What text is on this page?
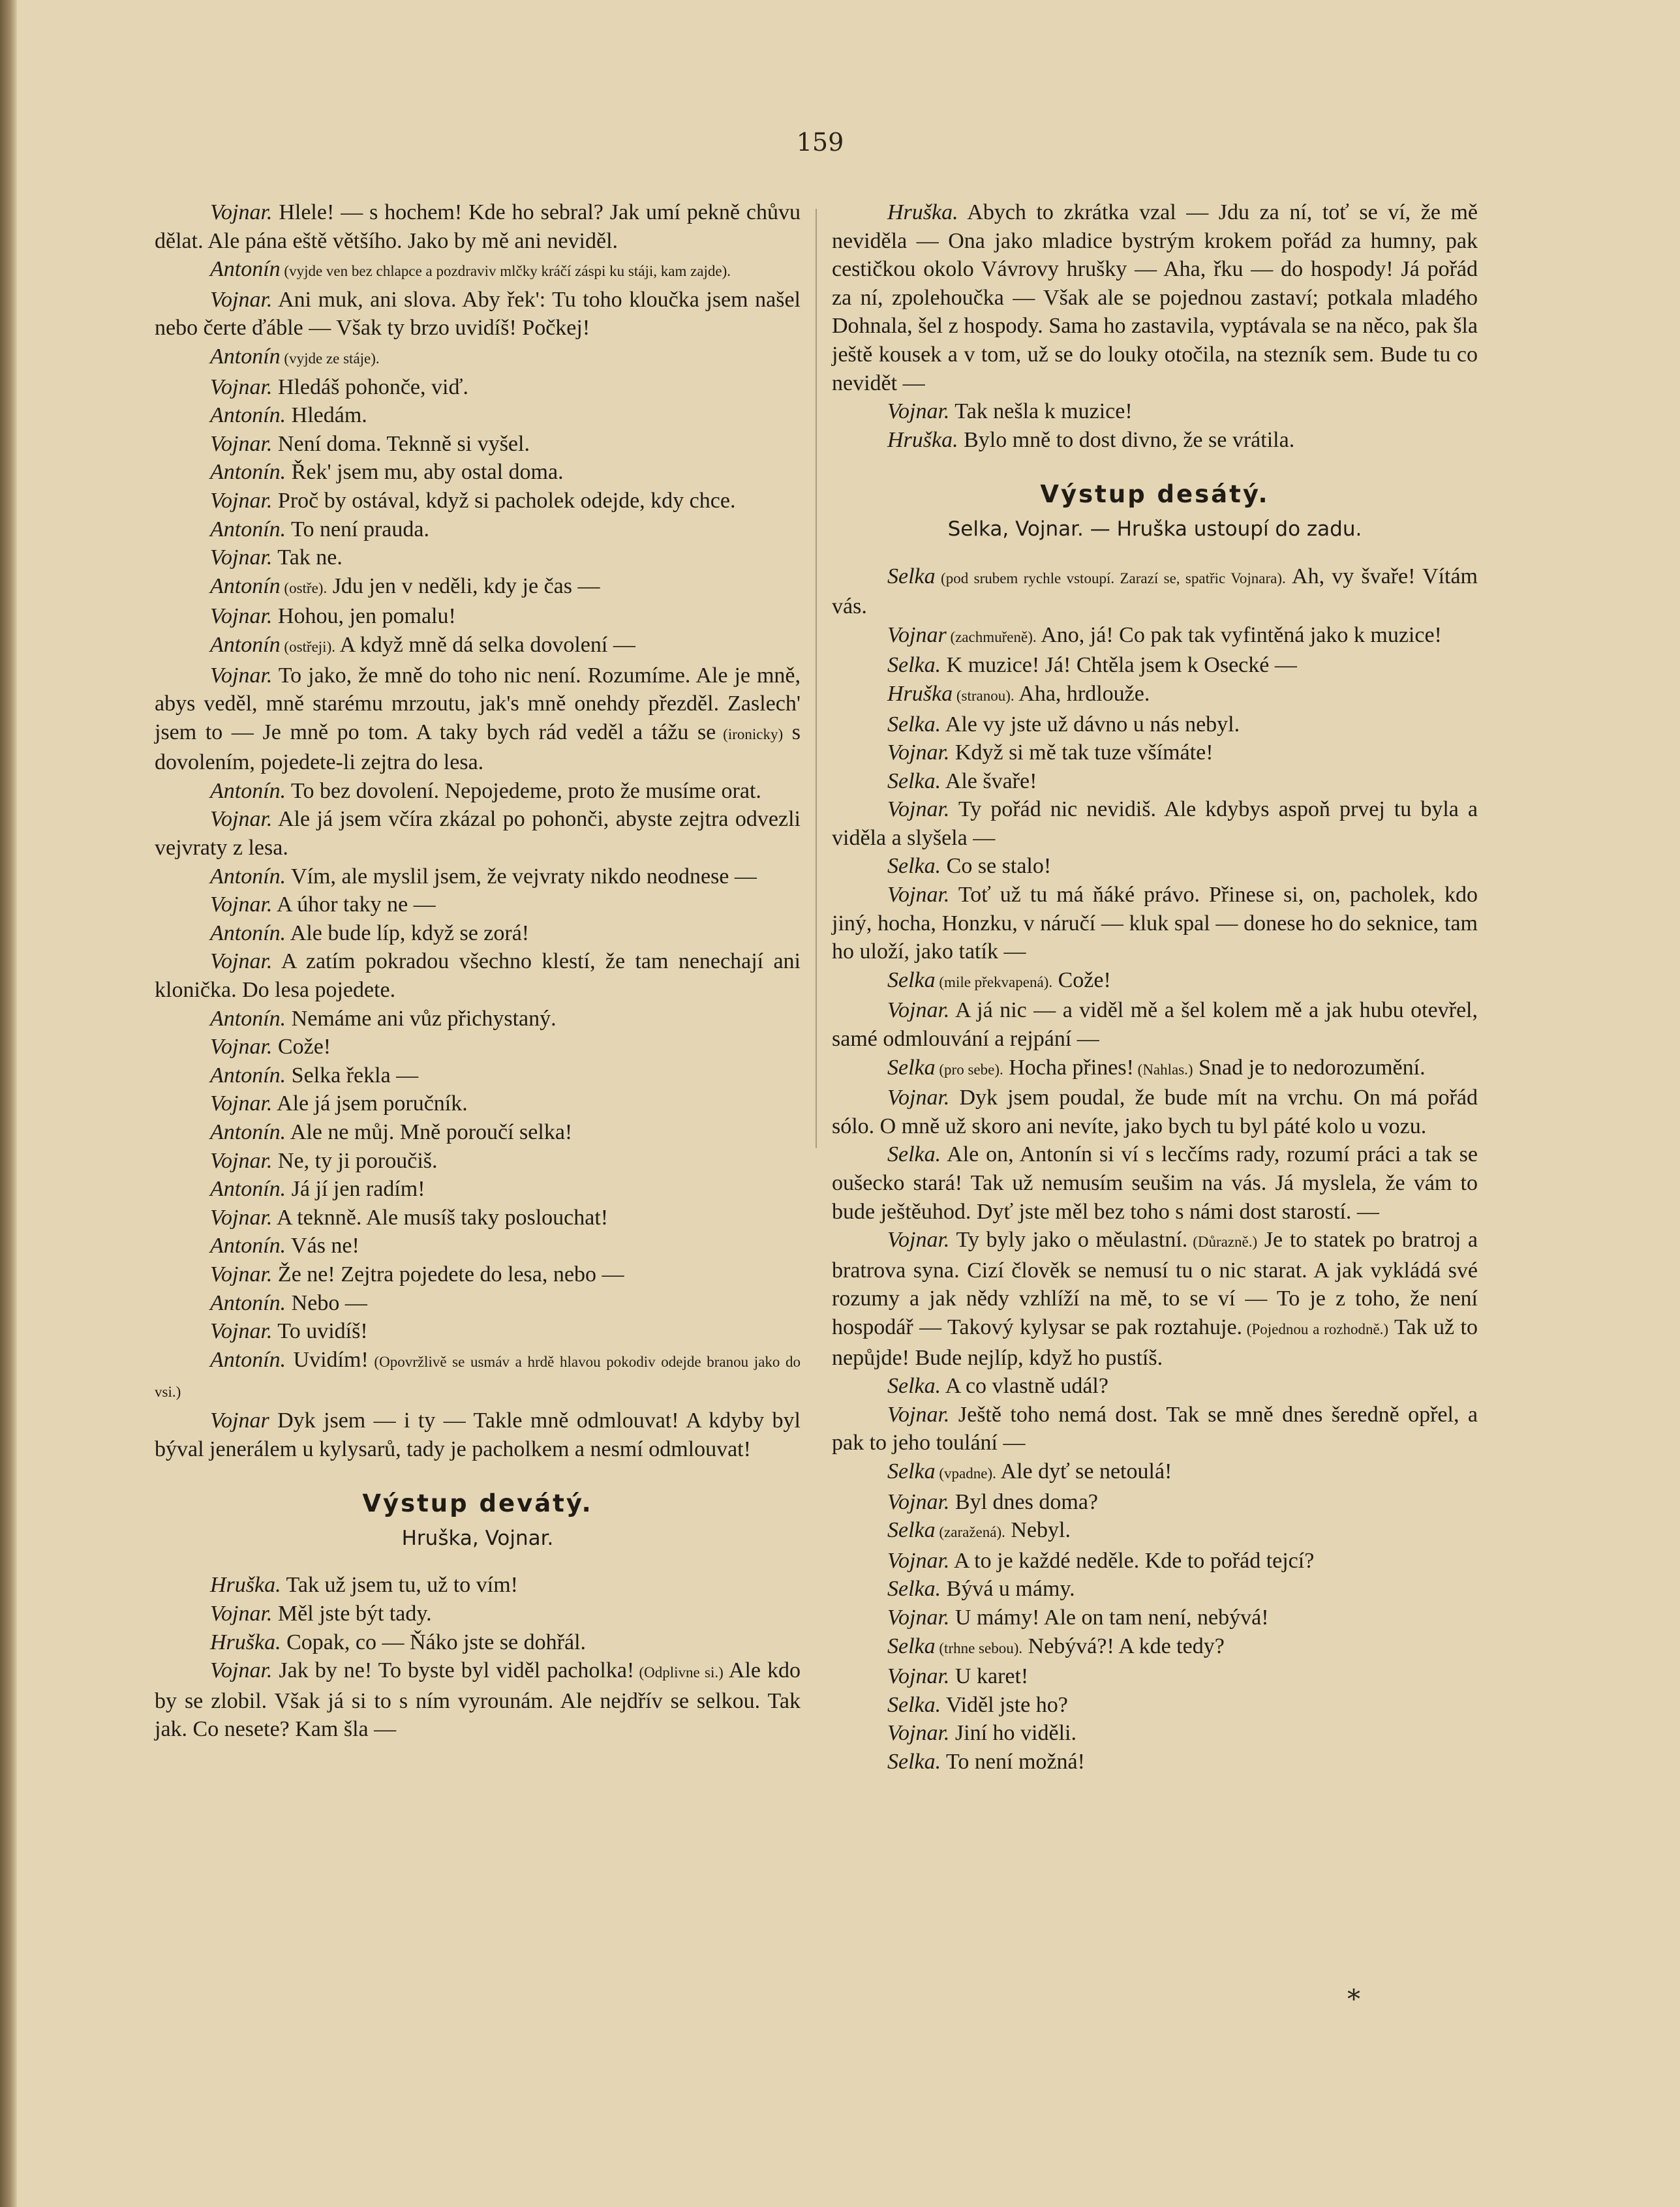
159

Vojnar. Hlele! — s hochem! Kde ho sebral? Jak umí pekně chůvu dělat. Ale pána eště většího. Jako by mě ani neviděl.

Antonín (vyjde ven bez chlapce a pozdraviv mlčky kráčí záspi ku stáji, kam zajde).

Vojnar. Ani muk, ani slova. Aby řek': Tu toho kloučka jsem našel nebo čerte ďáble — Však ty brzo uvidíš! Počkej!

Antonín (vyjde ze stáje).

Vojnar. Hledáš pohonče, viď.

Antonín. Hledám.

Vojnar. Není doma. Teknně si vyšel.

Antonín. Řek' jsem mu, aby ostal doma.

Vojnar. Proč by ostával, když si pacholek odejde, kdy chce.

Antonín. To není prauda.

Vojnar. Tak ne.

Antonín (ostře). Jdu jen v neděli, kdy je čas —

Vojnar. Hohou, jen pomalu!

Antonín (ostřeji). A když mně dá selka dovolení —

Vojnar. To jako, že mně do toho nic není. Rozumíme. Ale je mně, abys veděl, mně starému mrzoutu, jak's mně onehdy přezděl. Zaslech' jsem to — Je mně po tom. A taky bych rád veděl a tážu se (ironicky) s dovolením, pojedete-li zejtra do lesa.

Antonín. To bez dovolení. Nepojedeme, proto že musíme orat.

Vojnar. Ale já jsem včíra zkázal po pohonči, abyste zejtra odvezli vejvraty z lesa.

Antonín. Vím, ale myslil jsem, že vejvraty nikdo neodnese —

Vojnar. A úhor taky ne —

Antonín. Ale bude líp, když se zorá!

Vojnar. A zatím pokradou všechno klestí, že tam nenechají ani klonička. Do lesa pojedete.

Antonín. Nemáme ani vůz přichystaný.

Vojnar. Cože!

Antonín. Selka řekla —

Vojnar. Ale já jsem poručník.

Antonín. Ale ne můj. Mně poroučí selka!

Vojnar. Ne, ty ji poroučiš.

Antonín. Já jí jen radím!

Vojnar. A teknně. Ale musíš taky poslouchat!

Antonín. Vás ne!

Vojnar. Že ne! Zejtra pojedete do lesa, nebo —

Antonín. Nebo —

Vojnar. To uvidíš!

Antonín. Uvidím! (Opovržlivě se usmáv a hrdě hlavou pokodiv odejde branou jako do vsi.)

Vojnar Dyk jsem — i ty — Takle mně odmlouvat! A kdyby byl býval jenerálem u kylysarů, tady je pacholkem a nesmí odmlouvat!

Výstup devátý.
Hruška, Vojnar.

Hruška. Tak už jsem tu, už to vím!

Vojnar. Měl jste být tady.

Hruška. Copak, co — Ňáko jste se dohřál.

Vojnar. Jak by ne! To byste byl viděl pacholka! (Odplivne si.) Ale kdo by se zlobil. Však já si to s ním vyrounám. Ale nejdřív se selkou. Tak jak. Co nesete? Kam šla —

Hruška. Abych to zkrátka vzal — Jdu za ní, toť se ví, že mě neviděla — Ona jako mladice bystrým krokem pořád za humny, pak cestičkou okolo Vávrovy hrušky — Aha, řku — do hospody! Já pořád za ní, zpolehoučka — Však ale se pojednou zastaví; potkala mladého Dohnala, šel z hospody. Sama ho zastavila, vyptávala se na něco, pak šla ještě kousek a v tom, už se do louky otočila, na stezník sem. Bude tu co nevidět —

Vojnar. Tak nešla k muzice!

Hruška. Bylo mně to dost divno, že se vrátila.

Výstup desátý.
Selka, Vojnar. — Hruška ustoupí do zadu.

Selka (pod srubem rychle vstoupí. Zarazí se, spatřic Vojnara). Ah, vy švaře! Vítám vás.

Vojnar (zachmuřeně). Ano, já! Co pak tak vyfintěná jako k muzice!

Selka. K muzice! Já! Chtěla jsem k Osecké —

Hruška (stranou). Aha, hrdlouže.

Selka. Ale vy jste už dávno u nás nebyl.

Vojnar. Když si mě tak tuze všímáte!

Selka. Ale švaře!

Vojnar. Ty pořád nic nevidiš. Ale kdybys aspoň prvej tu byla a viděla a slyšela —

Selka. Co se stalo!

Vojnar. Toť už tu má ňáké právo. Přinese si, on, pacholek, kdo jiný, hocha, Honzku, v náručí — kluk spal — donese ho do seknice, tam ho uloží, jako tatík —

Selka (mile překvapená). Cože!

Vojnar. A já nic — a viděl mě a šel kolem mě a jak hubu otevřel, samé odmlouvání a rejpání —

Selka (pro sebe). Hocha přines! (Nahlas.) Snad je to nedorozumění.

Vojnar. Dyk jsem poudal, že bude mít na vrchu. On má pořád sólo. O mně už skoro ani nevíte, jako bych tu byl páté kolo u vozu.

Selka. Ale on, Antonín si ví s lecčíms rady, rozumí práci a tak se oušecko stará! Tak už nemusím seušim na vás. Já myslela, že vám to bude ještěuhod. Dyť jste měl bez toho s námi dost starostí. —

Vojnar. Ty byly jako o měulastní. (Důrazně.) Je to statek po bratroj a bratrova syna. Cizí člověk se nemusí tu o nic starat. A jak vykládá své rozumy a jak nědy vzhlíží na mě, to se ví — To je z toho, že není hospodář — Takový kylysar se pak roztahuje. (Pojednou a rozhodně.) Tak už to nepůjde! Bude nejlíp, když ho pustíš.

Selka. A co vlastně udál?

Vojnar. Ještě toho nemá dost. Tak se mně dnes šeredně opřel, a pak to jeho toulání —

Selka (vpadne). Ale dyť se netoulá!

Vojnar. Byl dnes doma?

Selka (zaražená). Nebyl.

Vojnar. A to je každé neděle. Kde to pořád tejcí?

Selka. Bývá u mámy.

Vojnar. U mámy! Ale on tam není, nebývá!

Selka (trhne sebou). Nebývá?! A kde tedy?

Vojnar. U karet!

Selka. Viděl jste ho?

Vojnar. Jiní ho viděli.

Selka. To není možná!

*
